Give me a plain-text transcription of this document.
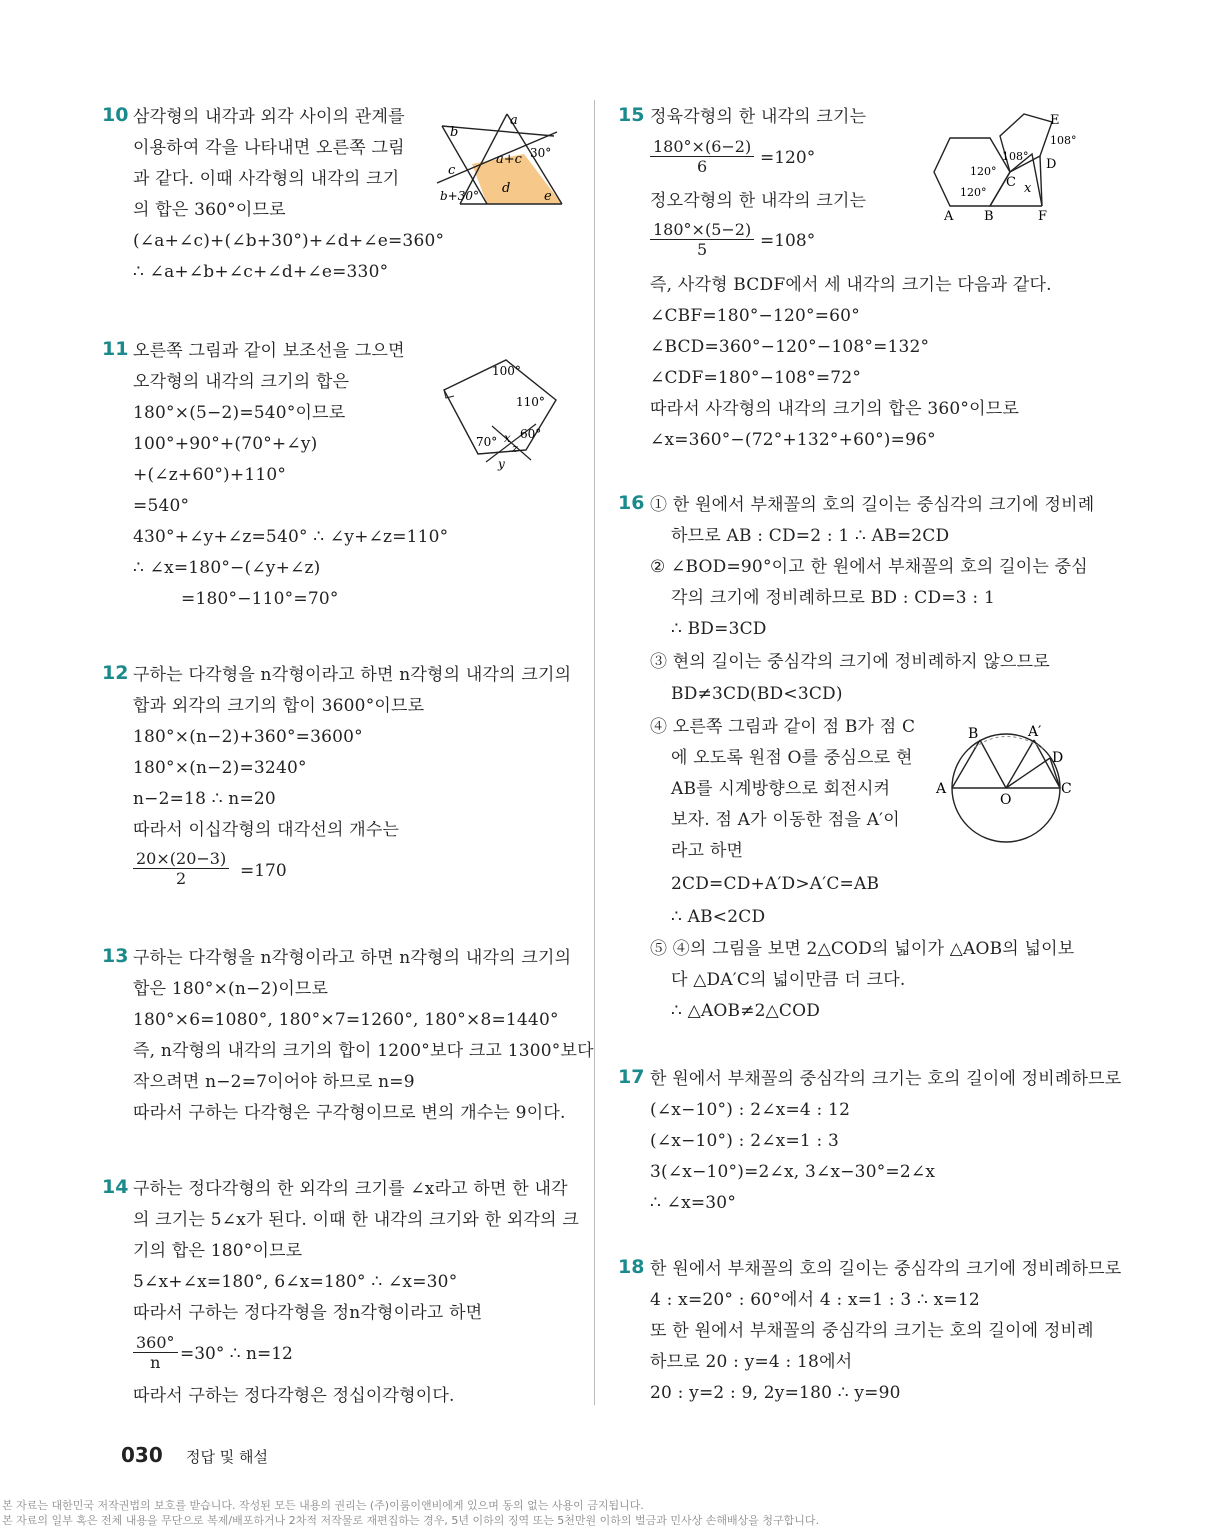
10 삼각형의 내각과 외각 사이의 관계를
이용하여 각을 나타내면 오른쪽 그림
과 같다. 이때 사각형의 내각의 크기
의 합은 360°이므로
(∠a+∠c)+(∠b+30°)+∠d+∠e=360°
∴ ∠a+∠b+∠c+∠d+∠e=330°
a
b
a+c 30°
c
d
b+30°	e
11 오른쪽 그림과 같이 보조선을 그으면
오각형의 내각의 크기의 합은
180°×(5−2)=540°이므로
100°+90°+(70°+∠y)
+(∠z+60°)+110°
=540°
430°+∠y+∠z=540° ∴ ∠y+∠z=110°
∴ ∠x=180°−(∠y+∠z)
=180°−110°=70°
100°
110°
70° x 60°
z
y
12 구하는 다각형을 n각형이라고 하면 n각형의 내각의 크기의
합과 외각의 크기의 합이 3600°이므로
180°×(n−2)+360°=3600°
180°×(n−2)=3240°
n−2=18 ∴ n=20
따라서 이십각형의 대각선의 개수는
$\frac{20\times(20-3)}{2} =170$
13 구하는 다각형을 n각형이라고 하면 n각형의 내각의 크기의
합은 180°×(n−2)이므로
180°×6=1080°, 180°×7=1260°, 180°×8=1440°
즉, n각형의 내각의 크기의 합이 1200°보다 크고 1300°보다
작으려면 n−2=7이어야 하므로 n=9
따라서 구하는 다각형은 구각형이므로 변의 개수는 9이다.
14 구하는 정다각형의 한 외각의 크기를 ∠x라고 하면 한 내각
의 크기는 5∠x가 된다. 이때 한 내각의 크기와 한 외각의 크
기의 합은 180°이므로
5∠x+∠x=180°, 6∠x=180° ∴ ∠x=30°
따라서 구하는 정다각형을 정n각형이라고 하면
$\frac{360^\circ}{n} =30^\circ$ ∴ n=12
따라서 구하는 정다각형은 정십이각형이다.
15 정육각형의 한 내각의 크기는
$\frac{180^\circ\times(6-2)}{6} =120^\circ$
정오각형의 한 내각의 크기는
$\frac{180^\circ\times(5-2)}{5} =108^\circ$
즉, 사각형 BCDF에서 세 내각의 크기는 다음과 같다.
∠CBF=180°−120°=60°
∠BCD=360°−120°−108°=132°
∠CDF=180°−108°=72°
따라서 사각형의 내각의 크기의 합은 360°이므로
∠x=360°−(72°+132°+60°)=96°
E
108°
108°
D
120°
C x
120°
A B	F
16 ① 한 원에서 부채꼴의 호의 길이는 중심각의 크기에 정비례
하므로 AB : CD=2 : 1 ∴ AB=2CD
② ∠BOD=90°이고 한 원에서 부채꼴의 호의 길이는 중심
각의 크기에 정비례하므로 BD : CD=3 : 1
∴ BD=3CD
③ 현의 길이는 중심각의 크기에 정비례하지 않으므로
BD≠3CD(BD<3CD)
④ 오른쪽 그림과 같이 점 B가 점 C
에 오도록 원점 O를 중심으로 현
AB를 시계방향으로 회전시켜
보자. 점 A가 이동한 점을 A′이
라고 하면
2CD=CD+A′D>A′C=AB
∴ AB<2CD
⑤ ④의 그림을 보면 2△COD의 넓이가 △AOB의 넓이보
다 △DA′C의 넓이만큼 더 크다.
∴ △AOB≠2△COD
B	A′
D
A
O
C
17 한 원에서 부채꼴의 중심각의 크기는 호의 길이에 정비례하므로
(∠x−10°) : 2∠x=4 : 12
(∠x−10°) : 2∠x=1 : 3
3(∠x−10°)=2∠x, 3∠x−30°=2∠x
∴ ∠x=30°
18 한 원에서 부채꼴의 호의 길이는 중심각의 크기에 정비례하므로
4 : x=20° : 60°에서 4 : x=1 : 3 ∴ x=12
또 한 원에서 부채꼴의 중심각의 크기는 호의 길이에 정비례
하므로 20 : y=4 : 18에서
20 : y=2 : 9, 2y=180 ∴ y=90
030 정답 및 해설
본 자료는 대한민국 저작권법의 보호를 받습니다. 작성된 모든 내용의 권리는 (주)이룸이앤비에게 있으며 동의 없는 사용이 금지됩니다.
본 자료의 일부 혹은 전체 내용을 무단으로 복제/배포하거나 2차적 저작물로 재편집하는 경우, 5년 이하의 징역 또는 5천만원 이하의 벌금과 민사상 손해배상을 청구합니다.
